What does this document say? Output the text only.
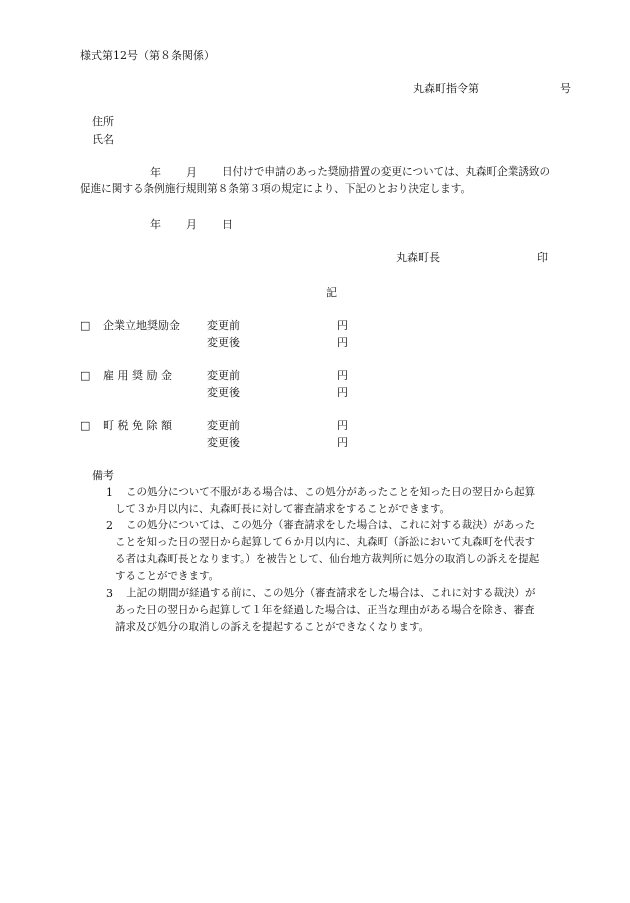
様式第12号（第８条関係）
丸森町指令第	号
住所
氏名
年 月 日付けで申請のあった奨励措置の変更については、丸森町企業誘致の
促進に関する条例施行規則第８条第３項の規定により、下記のとおり決定します。
年 月 日
丸森町長	印
記
□ 企業立地奨励金 変更前	円
変更後	円
□ 雇 用 奨 励 金	変更前	円
変更後	円
□ 町 税 免 除 額	変更前	円
変更後	円
備考
1 この処分について不服がある場合は、この処分があったことを知った日の翌日から起算
して３か月以内に、丸森町長に対して審査請求をすることができます。
2 この処分については、この処分（審査請求をした場合は、これに対する裁決）があった
ことを知った日の翌日から起算して６か月以内に、丸森町（訴訟において丸森町を代表す
る者は丸森町長となります。）を被告として、仙台地方裁判所に処分の取消しの訴えを提起
することができます。
3 上記の期間が経過する前に、この処分（審査請求をした場合は、これに対する裁決）が
あった日の翌日から起算して１年を経過した場合は、正当な理由がある場合を除き、審査
請求及び処分の取消しの訴えを提起することができなくなります。
